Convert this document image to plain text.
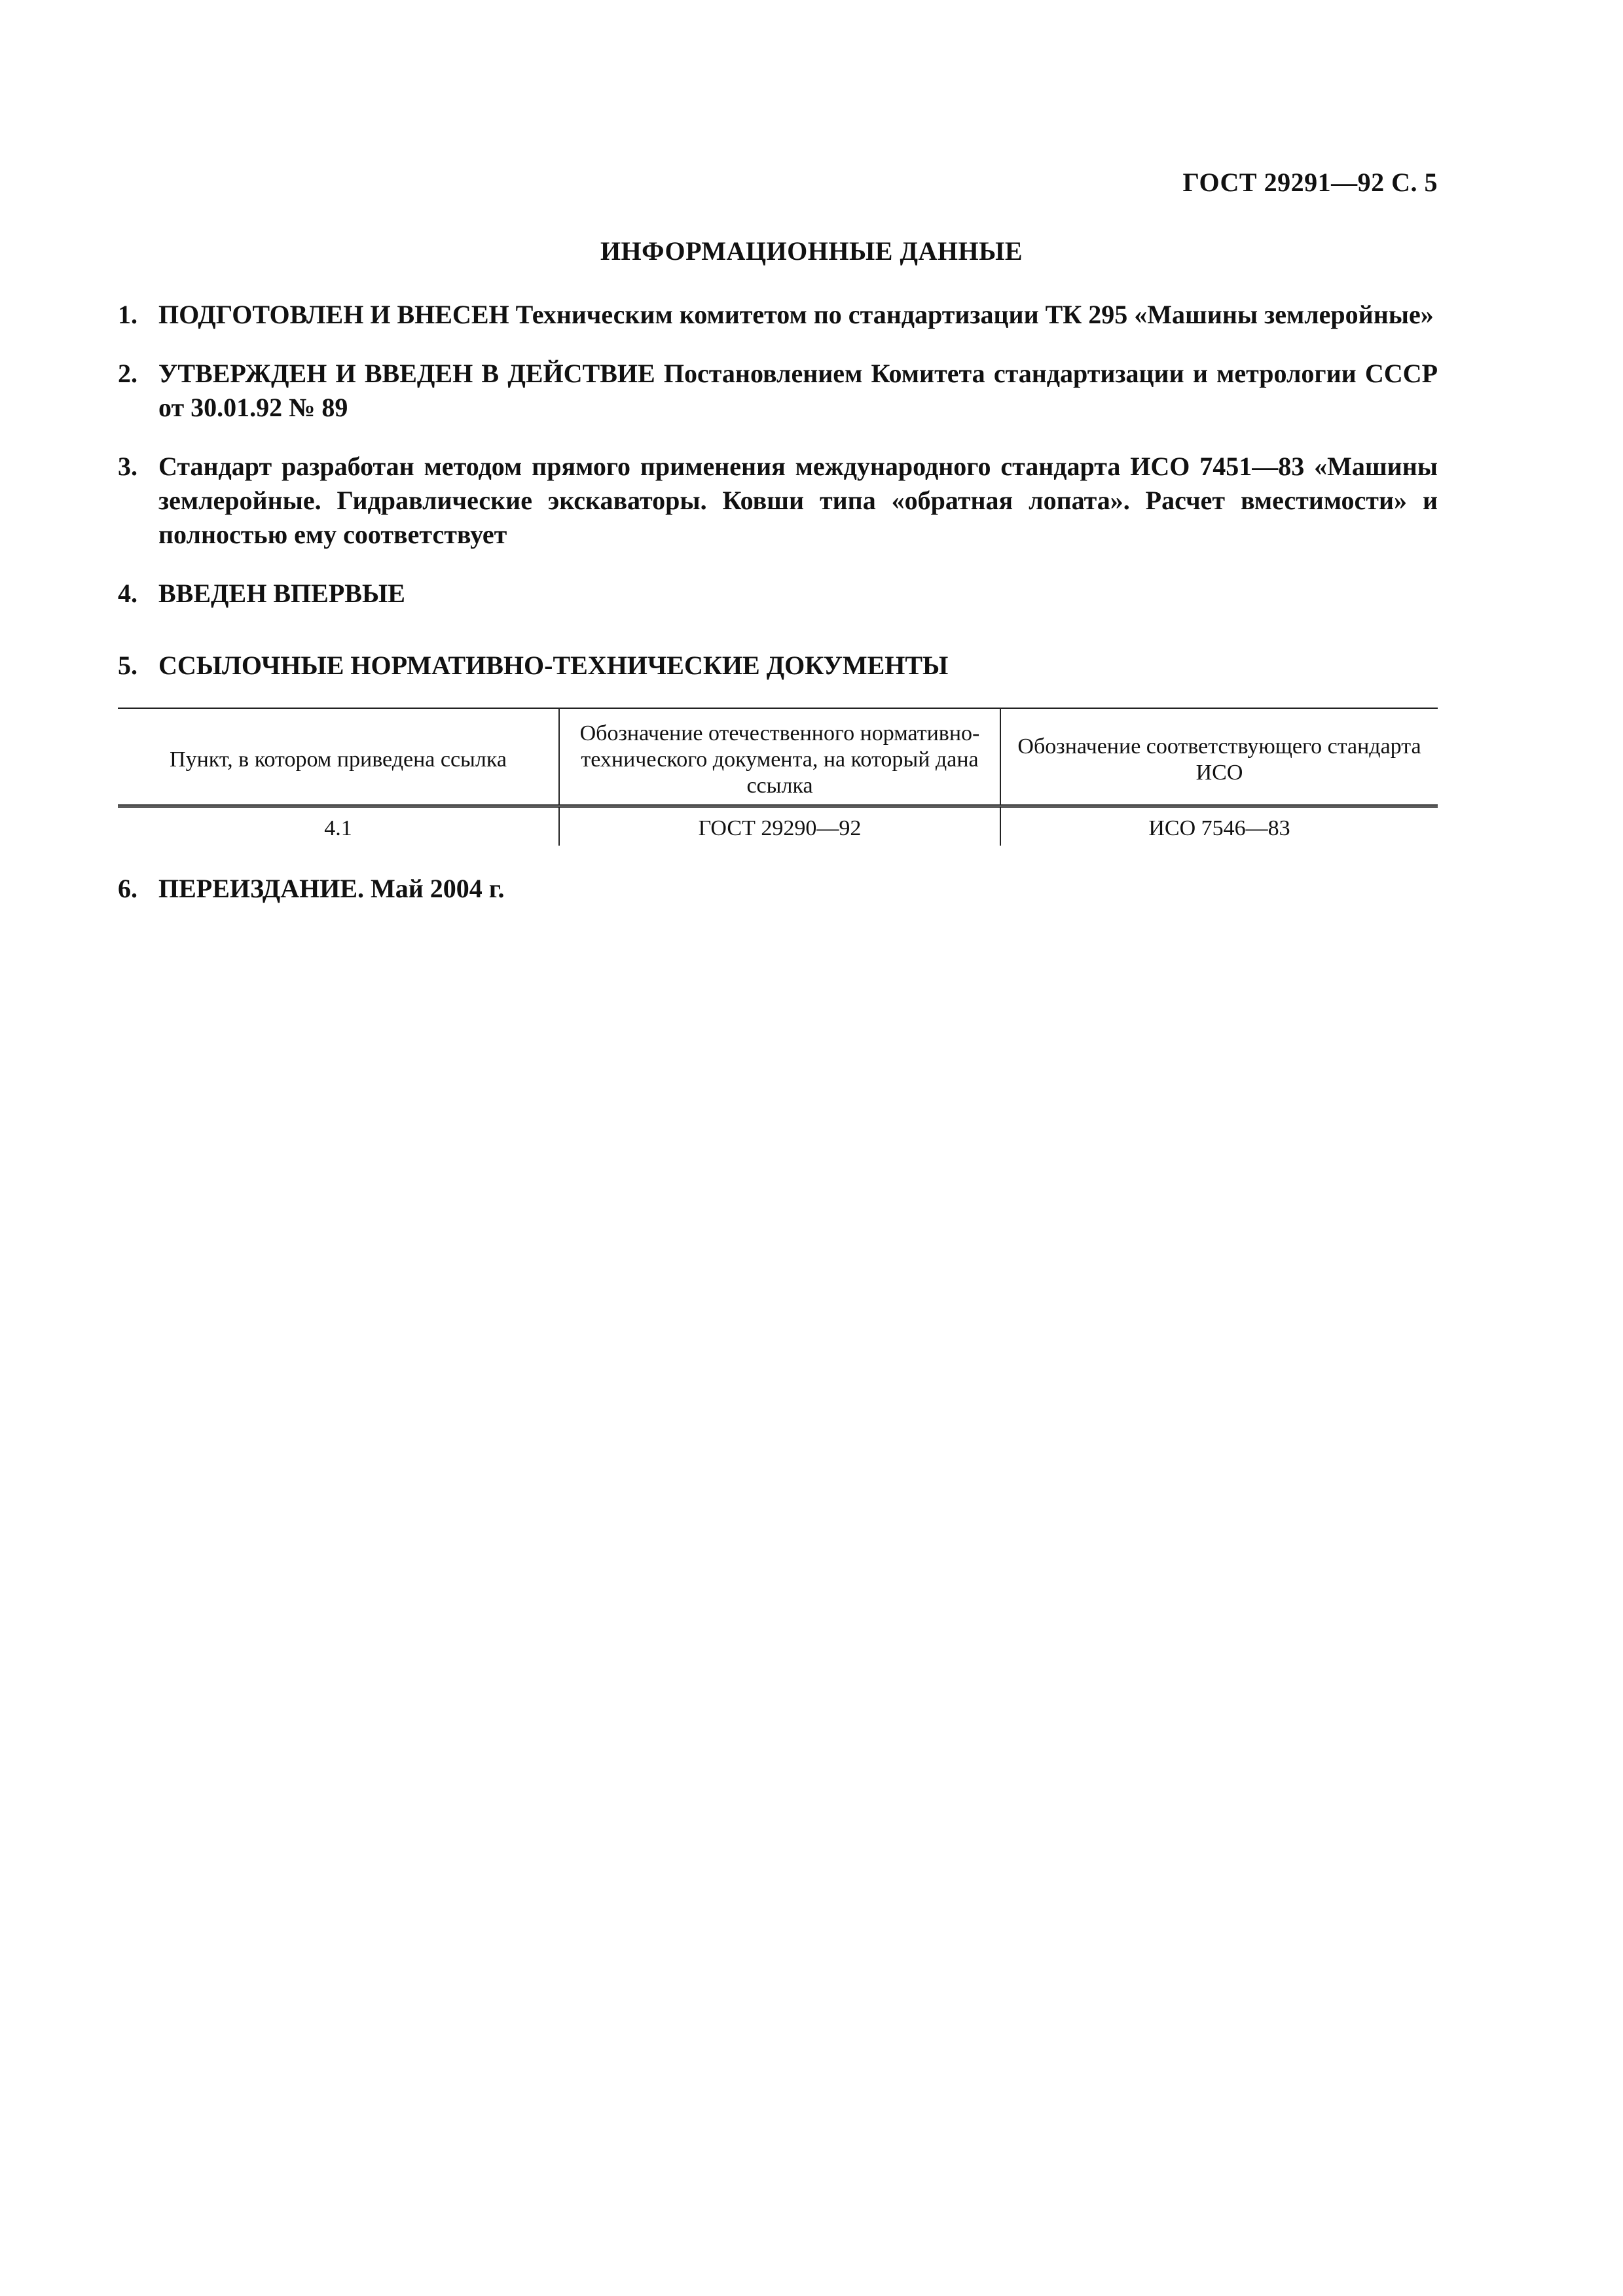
ГОСТ 29291—92 С. 5
ИНФОРМАЦИОННЫЕ ДАННЫЕ
1. ПОДГОТОВЛЕН И ВНЕСЕН Техническим комитетом по стандартизации ТК 295 «Машины землеройные»
2. УТВЕРЖДЕН И ВВЕДЕН В ДЕЙСТВИЕ Постановлением Комитета стандартизации и метрологии СССР от 30.01.92 № 89
3. Стандарт разработан методом прямого применения международного стандарта ИСО 7451—83 «Машины землеройные. Гидравлические экскаваторы. Ковши типа «обратная лопата». Расчет вместимости» и полностью ему соответствует
4. ВВЕДЕН ВПЕРВЫЕ
5. ССЫЛОЧНЫЕ НОРМАТИВНО-ТЕХНИЧЕСКИЕ ДОКУМЕНТЫ
Пункт, в котором приведена ссылка	Обозначение отечественного нормативно-технического документа, на который дана ссылка	Обозначение соответствующего стандарта ИСО
4.1	ГОСТ 29290—92	ИСО 7546—83
6. ПЕРЕИЗДАНИЕ. Май 2004 г.
